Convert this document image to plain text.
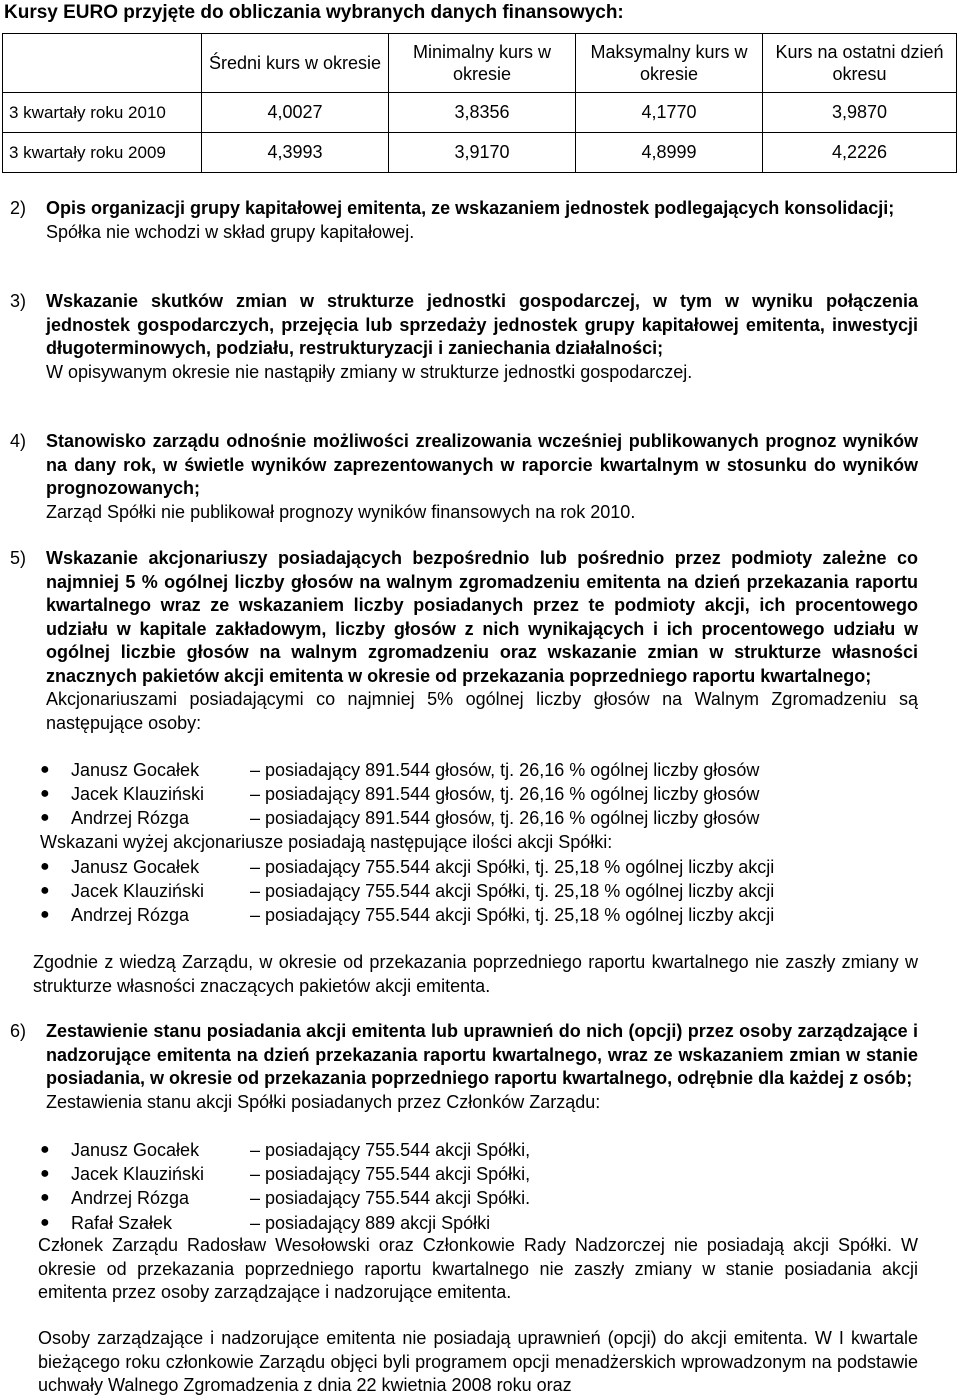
Kursy EURO przyjęte do obliczania wybranych danych finansowych:
	Średni kurs w okresie	Minimalny kurs w okresie	Maksymalny kurs w okresie	Kurs na ostatni dzień okresu
3 kwartały roku 2010	4,0027	3,8356	4,1770	3,9870
3 kwartały roku 2009	4,3993	3,9170	4,8999	4,2226
2) Opis organizacji grupy kapitałowej emitenta, ze wskazaniem jednostek podlegających konsolidacji;
Spółka nie wchodzi w skład grupy kapitałowej.
3) Wskazanie skutków zmian w strukturze jednostki gospodarczej, w tym w wyniku połączenia jednostek gospodarczych, przejęcia lub sprzedaży jednostek grupy kapitałowej emitenta, inwestycji długoterminowych, podziału, restrukturyzacji i zaniechania działalności;
W opisywanym okresie nie nastąpiły zmiany w strukturze jednostki gospodarczej.
4) Stanowisko zarządu odnośnie możliwości zrealizowania wcześniej publikowanych prognoz wyników na dany rok, w świetle wyników zaprezentowanych w raporcie kwartalnym w stosunku do wyników prognozowanych;
Zarząd Spółki nie publikował prognozy wyników finansowych na rok 2010.
5) Wskazanie akcjonariuszy posiadających bezpośrednio lub pośrednio przez podmioty zależne co najmniej 5 % ogólnej liczby głosów na walnym zgromadzeniu emitenta na dzień przekazania raportu kwartalnego wraz ze wskazaniem liczby posiadanych przez te podmioty akcji, ich procentowego udziału w kapitale zakładowym, liczby głosów z nich wynikających i ich procentowego udziału w ogólnej liczbie głosów na walnym zgromadzeniu oraz wskazanie zmian w strukturze własności znacznych pakietów akcji emitenta w okresie od przekazania poprzedniego raportu kwartalnego;
Akcjonariuszami posiadającymi co najmniej 5% ogólnej liczby głosów na Walnym Zgromadzeniu są następujące osoby:
● Janusz Gocałek	– posiadający 891.544 głosów, tj. 26,16 % ogólnej liczby głosów
● Jacek Klauziński	– posiadający 891.544 głosów, tj. 26,16 % ogólnej liczby głosów
● Andrzej Rózga	– posiadający 891.544 głosów, tj. 26,16 % ogólnej liczby głosów
Wskazani wyżej akcjonariusze posiadają następujące ilości akcji Spółki:
● Janusz Gocałek	– posiadający 755.544 akcji Spółki, tj. 25,18 % ogólnej liczby akcji
● Jacek Klauziński	– posiadający 755.544 akcji Spółki, tj. 25,18 % ogólnej liczby akcji
● Andrzej Rózga	– posiadający 755.544 akcji Spółki, tj. 25,18 % ogólnej liczby akcji
Zgodnie z wiedzą Zarządu, w okresie od przekazania poprzedniego raportu kwartalnego nie zaszły zmiany w strukturze własności znaczących pakietów akcji emitenta.
6) Zestawienie stanu posiadania akcji emitenta lub uprawnień do nich (opcji) przez osoby zarządzające i nadzorujące emitenta na dzień przekazania raportu kwartalnego, wraz ze wskazaniem zmian w stanie posiadania, w okresie od przekazania poprzedniego raportu kwartalnego, odrębnie dla każdej z osób;
Zestawienia stanu akcji Spółki posiadanych przez Członków Zarządu:
● Janusz Gocałek	– posiadający 755.544 akcji Spółki,
● Jacek Klauziński	– posiadający 755.544 akcji Spółki,
● Andrzej Rózga	– posiadający 755.544 akcji Spółki.
● Rafał Szałek	– posiadający 889 akcji Spółki
Członek Zarządu Radosław Wesołowski oraz Członkowie Rady Nadzorczej nie posiadają akcji Spółki. W okresie od przekazania poprzedniego raportu kwartalnego nie zaszły zmiany w stanie posiadania akcji emitenta przez osoby zarządzające i nadzorujące emitenta.
Osoby zarządzające i nadzorujące emitenta nie posiadają uprawnień (opcji) do akcji emitenta. W I kwartale bieżącego roku członkowie Zarządu objęci byli programem opcji menadżerskich wprowadzonym na podstawie uchwały Walnego Zgromadzenia z dnia 22 kwietnia 2008 roku oraz
